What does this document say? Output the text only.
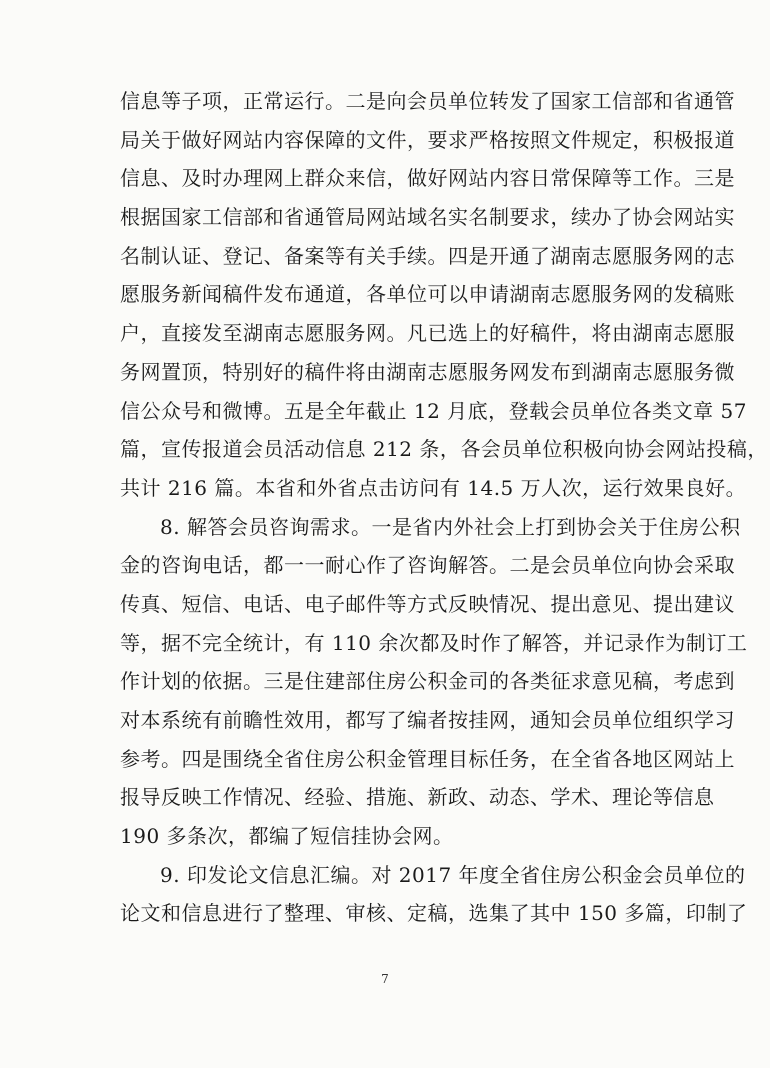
信息等子项，正常运行。二是向会员单位转发了国家工信部和省通管
局关于做好网站内容保障的文件，要求严格按照文件规定，积极报道
信息、及时办理网上群众来信，做好网站内容日常保障等工作。三是
根据国家工信部和省通管局网站域名实名制要求，续办了协会网站实
名制认证、登记、备案等有关手续。四是开通了湖南志愿服务网的志
愿服务新闻稿件发布通道，各单位可以申请湖南志愿服务网的发稿账
户，直接发至湖南志愿服务网。凡已选上的好稿件，将由湖南志愿服
务网置顶，特别好的稿件将由湖南志愿服务网发布到湖南志愿服务微
信公众号和微博。五是全年截止 12 月底，登载会员单位各类文章 57
篇，宣传报道会员活动信息 212 条，各会员单位积极向协会网站投稿，
共计 216 篇。本省和外省点击访问有 14.5 万人次，运行效果良好。
8. 解答会员咨询需求。一是省内外社会上打到协会关于住房公积
金的咨询电话，都一一耐心作了咨询解答。二是会员单位向协会采取
传真、短信、电话、电子邮件等方式反映情况、提出意见、提出建议
等，据不完全统计，有 110 余次都及时作了解答，并记录作为制订工
作计划的依据。三是住建部住房公积金司的各类征求意见稿，考虑到
对本系统有前瞻性效用，都写了编者按挂网，通知会员单位组织学习
参考。四是围绕全省住房公积金管理目标任务，在全省各地区网站上
报导反映工作情况、经验、措施、新政、动态、学术、理论等信息
190 多条次，都编了短信挂协会网。
9. 印发论文信息汇编。对 2017 年度全省住房公积金会员单位的
论文和信息进行了整理、审核、定稿，选集了其中 150 多篇，印制了
7
